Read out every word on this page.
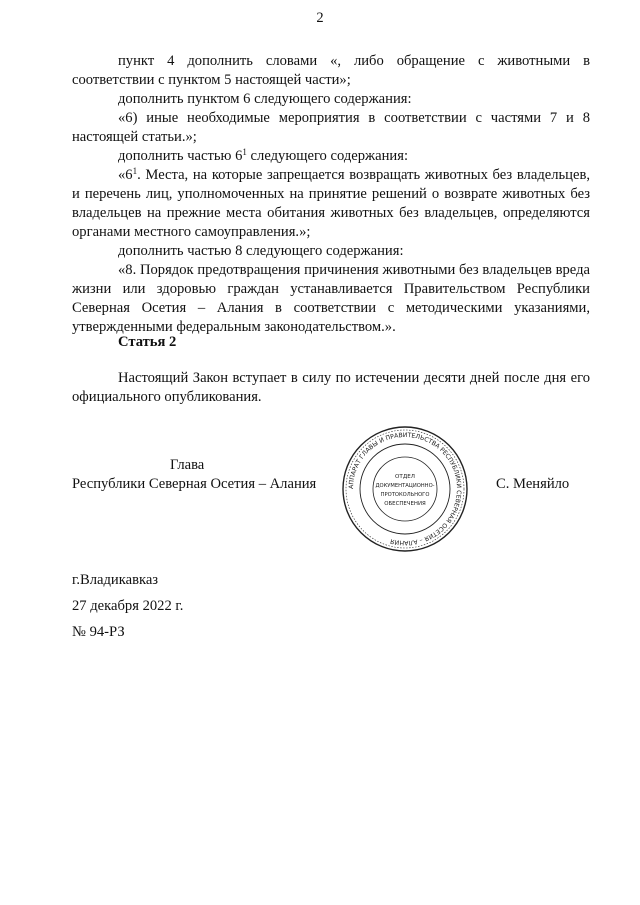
2
пункт 4 дополнить словами «, либо обращение с животными в соответствии с пунктом 5 настоящей части»;
дополнить пунктом 6 следующего содержания:
«6) иные необходимые мероприятия в соответствии с частями 7 и 8 настоящей статьи.»;
дополнить частью $6^1$ следующего содержания:
«$6^1$. Места, на которые запрещается возвращать животных без владельцев, и перечень лиц, уполномоченных на принятие решений о возврате животных без владельцев на прежние места обитания животных без владельцев, определяются органами местного самоуправления.»;
дополнить частью 8 следующего содержания:
«8. Порядок предотвращения причинения животными без владельцев вреда жизни или здоровью граждан устанавливается Правительством Республики Северная Осетия – Алания в соответствии с методическими указаниями, утвержденными федеральным законодательством.».
Статья 2
Настоящий Закон вступает в силу по истечении десяти дней после дня его официального опубликования.
Глава
Республики Северная Осетия – Алания	С. Меняйло
АППАРАТ ГЛАВЫ И ПРАВИТЕЛЬСТВА РЕСПУБЛИКИ СЕВЕРНАЯ ОСЕТИЯ – АЛАНИЯ
ОТДЕЛ
ДОКУМЕНТАЦИОННО-
ПРОТОКОЛЬНОГО
ОБЕСПЕЧЕНИЯ
г.Владикавказ
27 декабря 2022 г.
№ 94-РЗ
